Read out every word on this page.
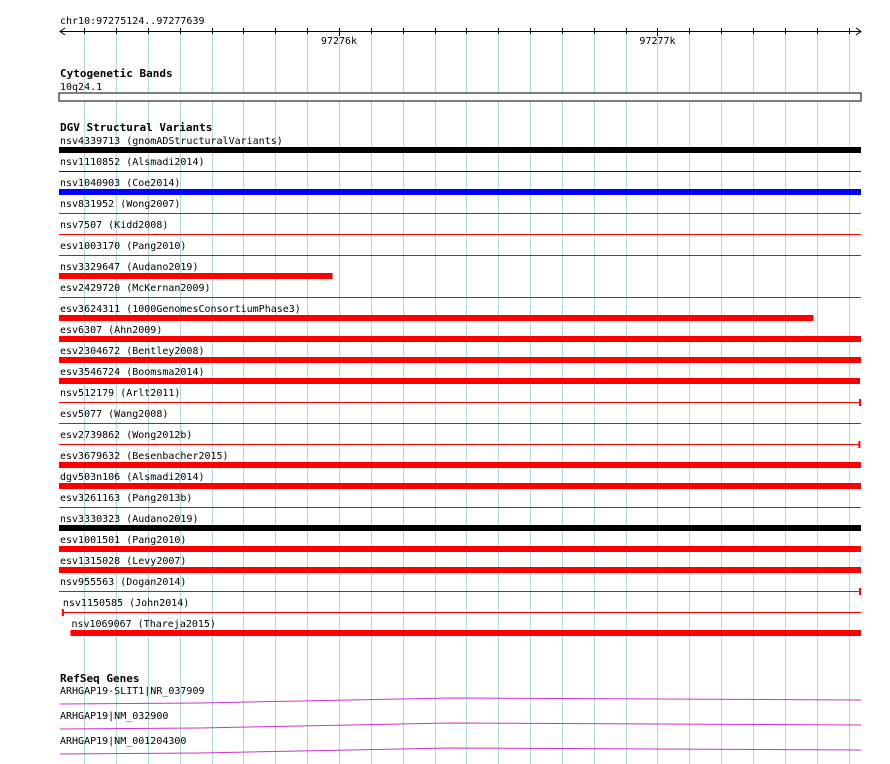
chr10:97275124..97277639
97276k	97277k
Cytogenetic Bands
10q24.1
DGV Structural Variants
nsv4339713 (gnomADStructuralVariants)
nsv1110852 (Alsmadi2014)
nsv1040903 (Coe2014)
nsv831952 (Wong2007)
nsv7507 (Kidd2008)
esv1003170 (Pang2010)
nsv3329647 (Audano2019)
esv2429720 (McKernan2009)
esv3624311 (1000GenomesConsortiumPhase3)
esv6307 (Ahn2009)
esv2304672 (Bentley2008)
esv3546724 (Boomsma2014)
nsv512179 (Arlt2011)
esv5077 (Wang2008)
esv2739862 (Wong2012b)
esv3679632 (Besenbacher2015)
dgv503n106 (Alsmadi2014)
esv3261163 (Pang2013b)
nsv3330323 (Audano2019)
esv1001501 (Pang2010)
esv1315028 (Levy2007)
nsv955563 (Dogan2014)
nsv1150585 (John2014)
nsv1069067 (Thareja2015)
RefSeq Genes
ARHGAP19-SLIT1|NR_037909
ARHGAP19|NM_032900
ARHGAP19|NM_001204300
